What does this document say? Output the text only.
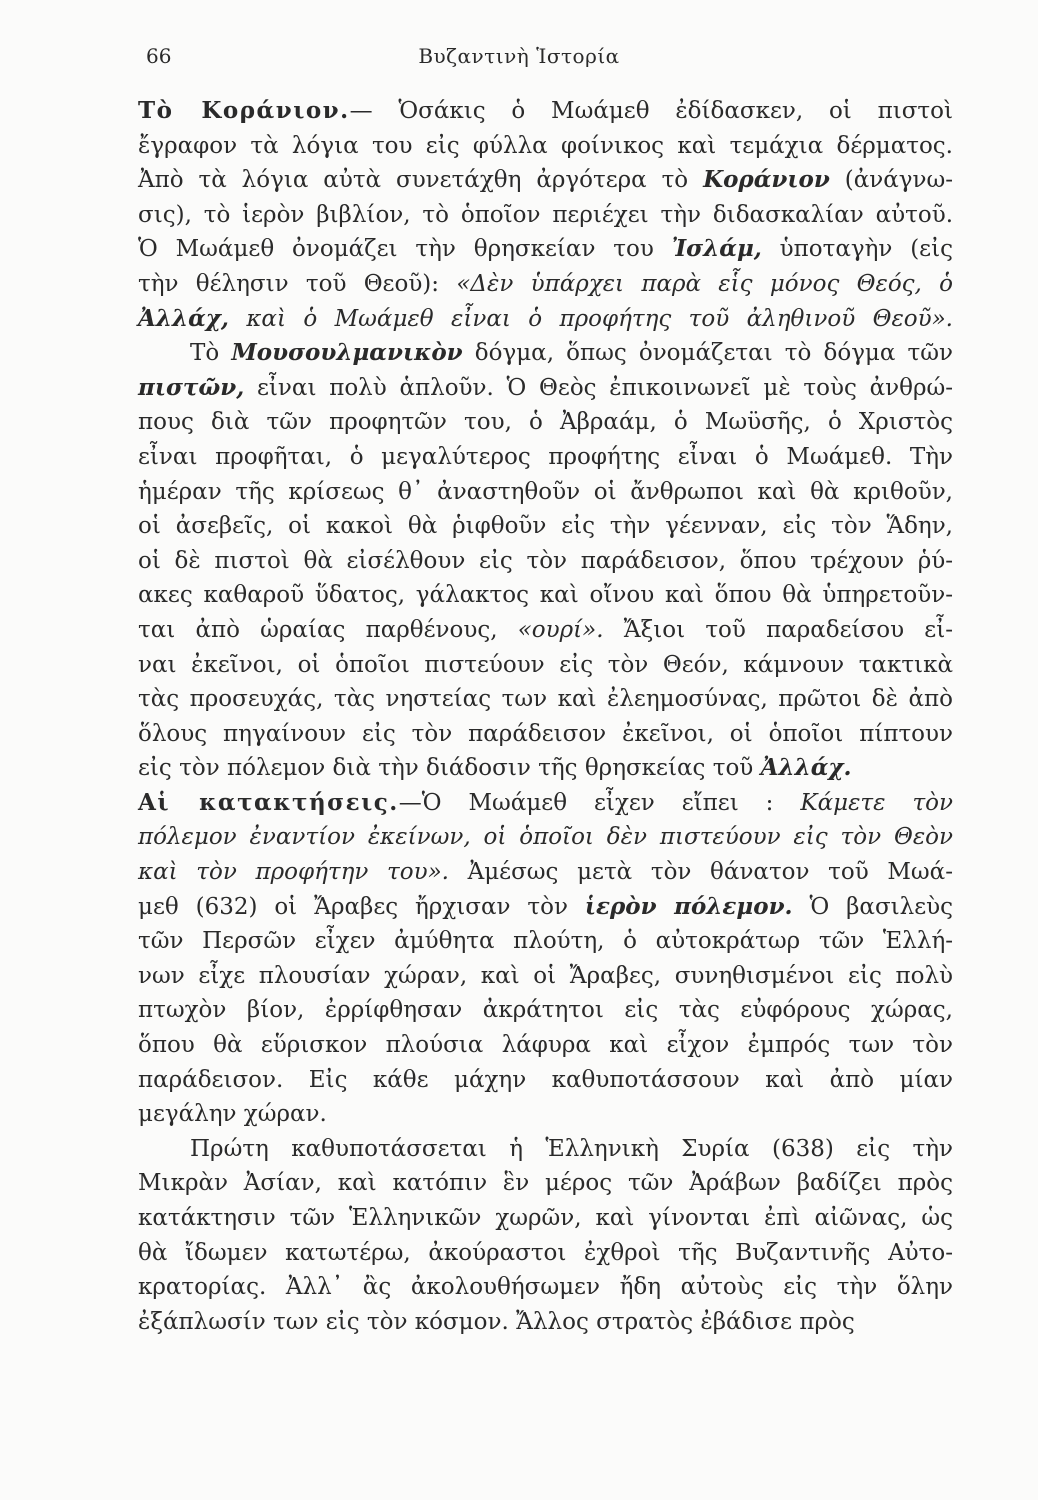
66	Βυζαντινὴ Ἱστορία
Τὸ Κοράνιον.— Ὁσάκις ὁ Μωάμεθ ἐδίδασκεν, οἱ πιστοὶ
ἔγραφον τὰ λόγια του εἰς φύλλα φοίνικος καὶ τεμάχια δέρματος.
Ἀπὸ τὰ λόγια αὐτὰ συνετάχθη ἀργότερα τὸ Κοράνιον (ἀνάγνω-
σις), τὸ ἱερὸν βιβλίον, τὸ ὁποῖον περιέχει τὴν διδασκαλίαν αὐτοῦ.
Ὁ Μωάμεθ ὀνομάζει τὴν θρησκείαν του Ἰσλάμ, ὑποταγὴν (εἰς
τὴν θέλησιν τοῦ Θεοῦ): «Δὲν ὑπάρχει παρὰ εἷς μόνος Θεός, ὁ
Ἀλλάχ, καὶ ὁ Μωάμεθ εἶναι ὁ προφήτης τοῦ ἀληθινοῦ Θεοῦ».
Τὸ Μουσουλμανικὸν δόγμα, ὅπως ὀνομάζεται τὸ δόγμα τῶν
πιστῶν, εἶναι πολὺ ἁπλοῦν. Ὁ Θεὸς ἐπικοινωνεῖ μὲ τοὺς ἀνθρώ-
πους διὰ τῶν προφητῶν του, ὁ Ἀβραάμ, ὁ Μωϋσῆς, ὁ Χριστὸς
εἶναι προφῆται, ὁ μεγαλύτερος προφήτης εἶναι ὁ Μωάμεθ. Τὴν
ἡμέραν τῆς κρίσεως θ᾽ ἀναστηθοῦν οἱ ἄνθρωποι καὶ θὰ κριθοῦν,
οἱ ἀσεβεῖς, οἱ κακοὶ θὰ ῥιφθοῦν εἰς τὴν γέενναν, εἰς τὸν Ἅδην,
οἱ δὲ πιστοὶ θὰ εἰσέλθουν εἰς τὸν παράδεισον, ὅπου τρέχουν ῥύ-
ακες καθαροῦ ὕδατος, γάλακτος καὶ οἴνου καὶ ὅπου θὰ ὑπηρετοῦν-
ται ἀπὸ ὡραίας παρθένους, «ουρί». Ἄξιοι τοῦ παραδείσου εἶ-
ναι ἐκεῖνοι, οἱ ὁποῖοι πιστεύουν εἰς τὸν Θεόν, κάμνουν τακτικὰ
τὰς προσευχάς, τὰς νηστείας των καὶ ἐλεημοσύνας, πρῶτοι δὲ ἀπὸ
ὅλους πηγαίνουν εἰς τὸν παράδεισον ἐκεῖνοι, οἱ ὁποῖοι πίπτουν
εἰς τὸν πόλεμον διὰ τὴν διάδοσιν τῆς θρησκείας τοῦ Ἀλλάχ.
Αἱ κατακτήσεις.—Ὁ Μωάμεθ εἶχεν εἴπει : Κάμετε τὸν
πόλεμον ἐναντίον ἐκείνων, οἱ ὁποῖοι δὲν πιστεύουν εἰς τὸν Θεὸν
καὶ τὸν προφήτην του». Ἀμέσως μετὰ τὸν θάνατον τοῦ Μωά-
μεθ (632) οἱ Ἄραβες ἤρχισαν τὸν ἱερὸν πόλεμον. Ὁ βασιλεὺς
τῶν Περσῶν εἶχεν ἀμύθητα πλούτη, ὁ αὐτοκράτωρ τῶν Ἑλλή-
νων εἶχε πλουσίαν χώραν, καὶ οἱ Ἄραβες, συνηθισμένοι εἰς πολὺ
πτωχὸν βίον, ἐρρίφθησαν ἀκράτητοι εἰς τὰς εὐφόρους χώρας,
ὅπου θὰ εὕρισκον πλούσια λάφυρα καὶ εἶχον ἐμπρός των τὸν
παράδεισον. Εἰς κάθε μάχην καθυποτάσσουν καὶ ἀπὸ μίαν
μεγάλην χώραν.
Πρώτη καθυποτάσσεται ἡ Ἑλληνικὴ Συρία (638) εἰς τὴν
Μικρὰν Ἀσίαν, καὶ κατόπιν ἓν μέρος τῶν Ἀράβων βαδίζει πρὸς
κατάκτησιν τῶν Ἑλληνικῶν χωρῶν, καὶ γίνονται ἐπὶ αἰῶνας, ὡς
θὰ ἴδωμεν κατωτέρω, ἀκούραστοι ἐχθροὶ τῆς Βυζαντινῆς Αὐτο-
κρατορίας. Ἀλλ᾽ ἂς ἀκολουθήσωμεν ἤδη αὐτοὺς εἰς τὴν ὅλην
ἐξάπλωσίν των εἰς τὸν κόσμον. Ἄλλος στρατὸς ἐβάδισε πρὸς
